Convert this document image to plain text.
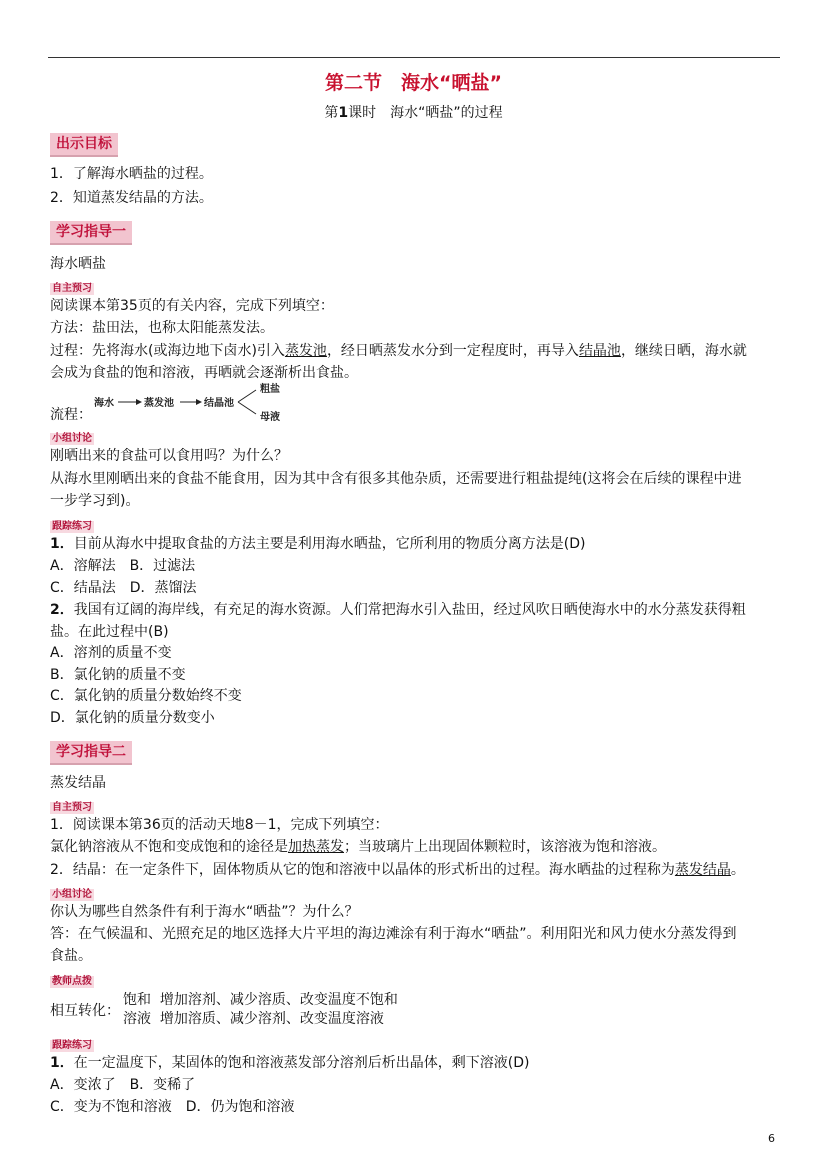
第二节　海水“晒盐”
第1课时　海水“晒盐”的过程
出示目标
1．了解海水晒盐的过程。
2．知道蒸发结晶的方法。
学习指导一
海水晒盐
自主预习
阅读课本第35页的有关内容，完成下列填空：
方法：盐田法，也称太阳能蒸发法。
过程：先将海水(或海边地下卤水)引入蒸发池，经日晒蒸发水分到一定程度时，再导入结晶池，继续日晒，海水就
会成为食盐的饱和溶液，再晒就会逐渐析出食盐。
流程：
海水	蒸发池	结晶池
粗盐
母液
小组讨论
刚晒出来的食盐可以食用吗？为什么？
从海水里刚晒出来的食盐不能食用，因为其中含有很多其他杂质，还需要进行粗盐提纯(这将会在后续的课程中进
一步学习到)。
跟踪练习
1．目前从海水中提取食盐的方法主要是利用海水晒盐，它所利用的物质分离方法是(D)
A．溶解法　B．过滤法
C．结晶法　D．蒸馏法
2．我国有辽阔的海岸线，有充足的海水资源。人们常把海水引入盐田，经过风吹日晒使海水中的水分蒸发获得粗
盐。在此过程中(B)
A．溶剂的质量不变
B．氯化钠的质量不变
C．氯化钠的质量分数始终不变
D．氯化钠的质量分数变小
学习指导二
蒸发结晶
自主预习
1．阅读课本第36页的活动天地8－1，完成下列填空：
氯化钠溶液从不饱和变成饱和的途径是加热蒸发；当玻璃片上出现固体颗粒时，该溶液为饱和溶液。
2．结晶：在一定条件下，固体物质从它的饱和溶液中以晶体的形式析出的过程。海水晒盐的过程称为蒸发结晶。
小组讨论
你认为哪些自然条件有利于海水“晒盐”？为什么？
答：在气候温和、光照充足的地区选择大片平坦的海边滩涂有利于海水“晒盐”。利用阳光和风力使水分蒸发得到
食盐。
教师点拨
相互转化：
饱和 增加溶剂、减少溶质、改变温度不饱和
溶液 增加溶质、减少溶剂、改变温度溶液
跟踪练习
1．在一定温度下，某固体的饱和溶液蒸发部分溶剂后析出晶体，剩下溶液(D)
A．变浓了　B．变稀了
C．变为不饱和溶液　D．仍为饱和溶液
6
